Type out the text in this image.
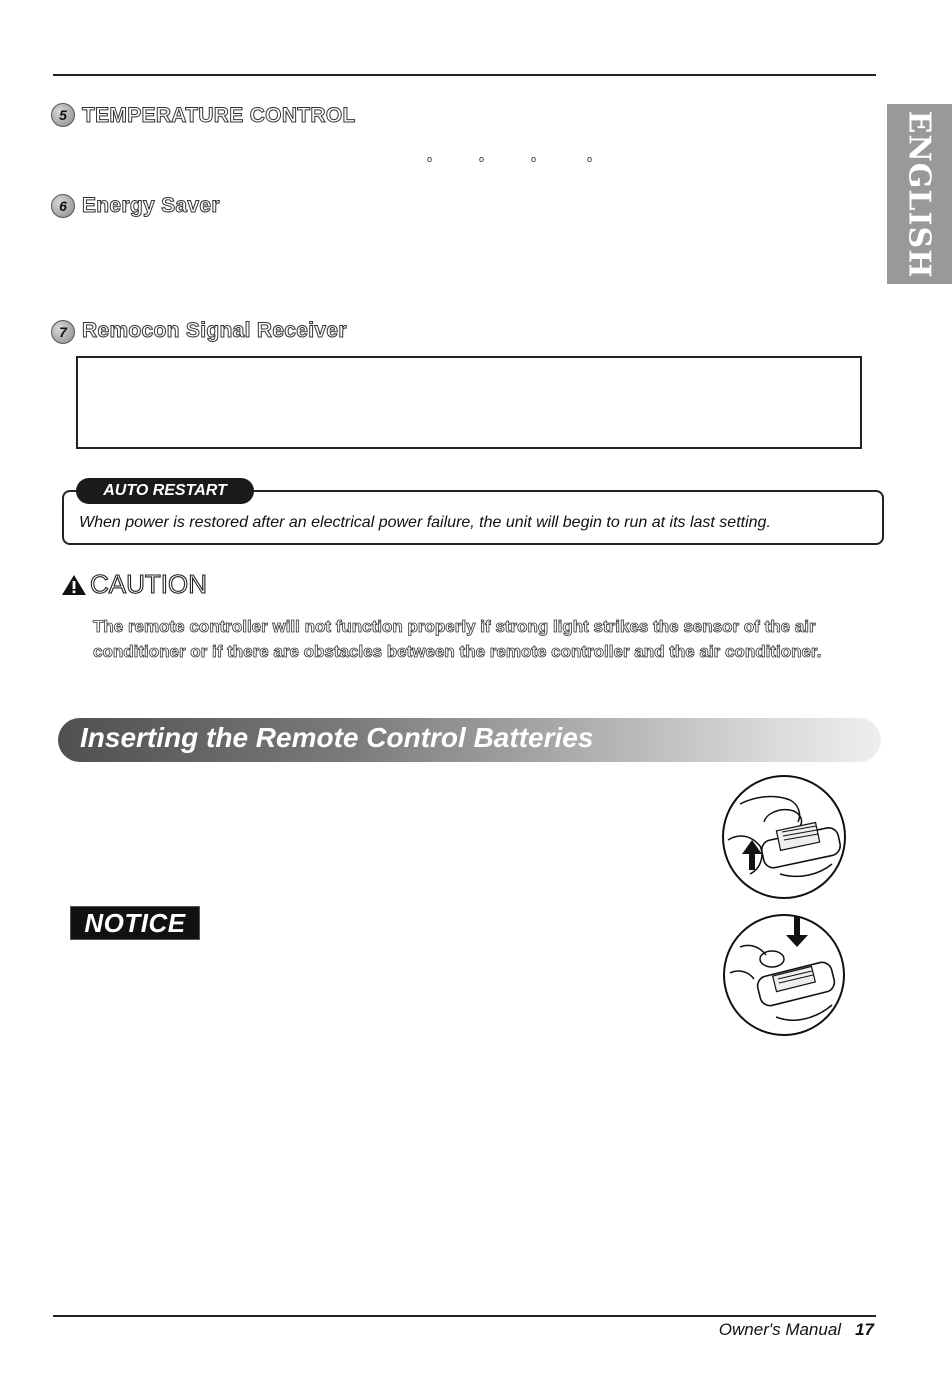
ENGLISH
5 TEMPERATURE CONTROL
o	o	o	o
6 Energy Saver
7 Remocon Signal Receiver
AUTO RESTART
When power is restored after an electrical power failure, the unit will begin to run at its last setting.
CAUTION
The remote controller will not function properly if strong light strikes the sensor of the air conditioner or if there are obstacles between the remote controller and the air conditioner.
Inserting the Remote Control Batteries
NOTICE
Owner's Manual 17
